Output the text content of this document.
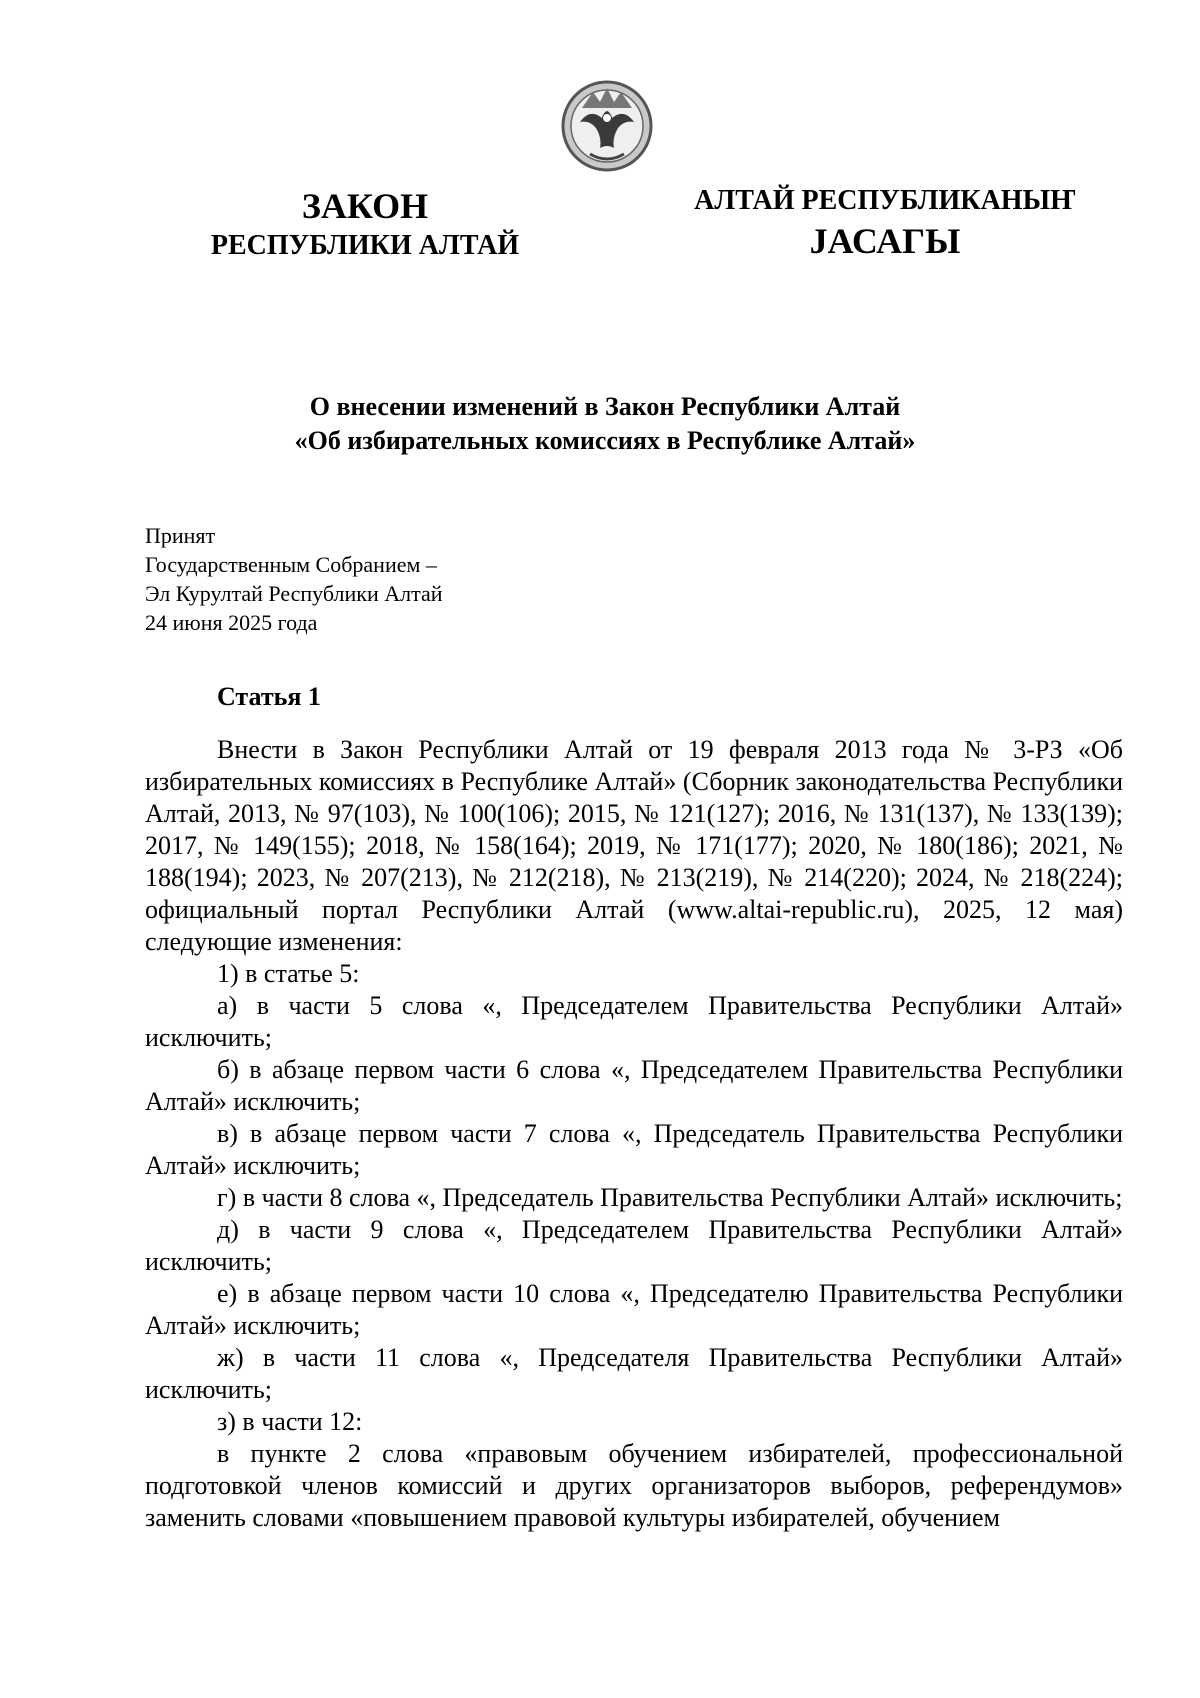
ЗАКОН
РЕСПУБЛИКИ АЛТАЙ
АЛТАЙ РЕСПУБЛИКАНЫҤ
JАСАГЫ
О внесении изменений в Закон Республики Алтай
«Об избирательных комиссиях в Республике Алтай»
Принят
Государственным Собранием –
Эл Курултай Республики Алтай
24 июня 2025 года
Статья 1

Внести в Закон Республики Алтай от 19 февраля 2013 года № 3-РЗ «Об избирательных комиссиях в Республике Алтай» (Сборник законодательства Республики Алтай, 2013, № 97(103), № 100(106); 2015, № 121(127); 2016, № 131(137), № 133(139); 2017, № 149(155); 2018, № 158(164); 2019, № 171(177); 2020, № 180(186); 2021, № 188(194); 2023, № 207(213), № 212(218), № 213(219), № 214(220); 2024, № 218(224); официальный портал Республики Алтай (www.altai-republic.ru), 2025, 12 мая) следующие изменения:

1) в статье 5:

а) в части 5 слова «, Председателем Правительства Республики Алтай» исключить;

б) в абзаце первом части 6 слова «, Председателем Правительства Республики Алтай» исключить;

в) в абзаце первом части 7 слова «, Председатель Правительства Республики Алтай» исключить;

г) в части 8 слова «, Председатель Правительства Республики Алтай» исключить;

д) в части 9 слова «, Председателем Правительства Республики Алтай» исключить;

е) в абзаце первом части 10 слова «, Председателю Правительства Республики Алтай» исключить;

ж) в части 11 слова «, Председателя Правительства Республики Алтай» исключить;

з) в части 12:

в пункте 2 слова «правовым обучением избирателей, профессиональной подготовкой членов комиссий и других организаторов выборов, референдумов» заменить словами «повышением правовой культуры избирателей, обучением
